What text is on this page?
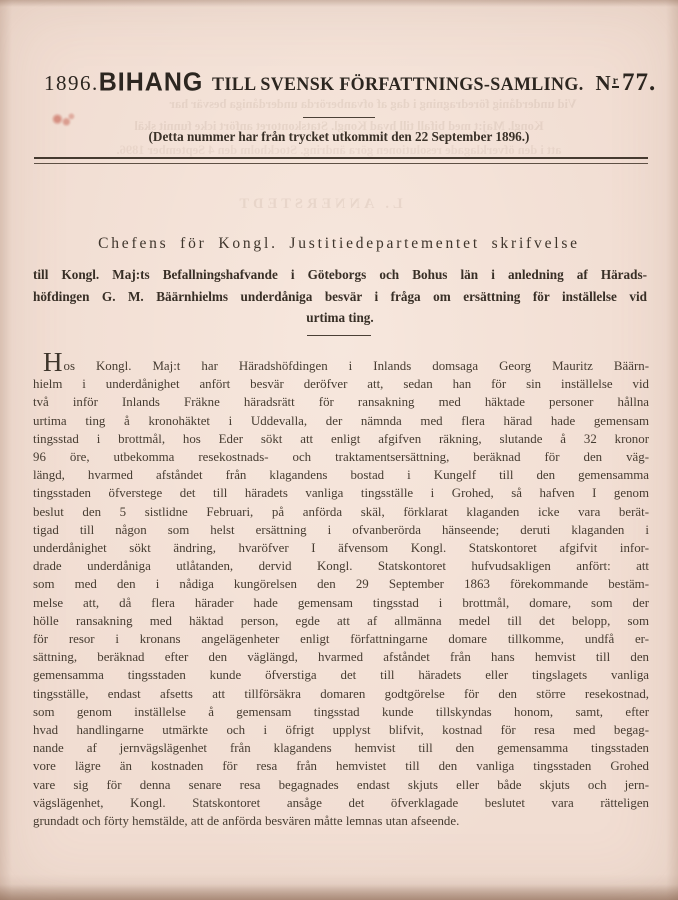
Vid underdånig föredragning i dag af ofvanberörda underdåniga besvär har
Kongl. Maj:t med bifall till hvad Kongl. Statskontoret anfört icke funnit skäl
att i den öfverklagade resolutionen göra ändring. Stockholm den 4 September 1896.
L. ANNERSTEDT
1896. BIHANG TILL SVENSK FÖRFATTNINGS-SAMLING. N r 77.
(Detta nummer har från trycket utkommit den 22 September 1896.)
Chefens för Kongl. Justitiedepartementet skrifvelse
till Kongl. Maj:ts Befallningshafvande i Göteborgs och Bohus län i anledning af Härads-
höfdingen G. M. Bäärnhielms underdåniga besvär i fråga om ersättning för inställelse vid
urtima ting.
Hos Kongl. Maj:t har Häradshöfdingen i Inlands domsaga Georg Mauritz Bäärn-
hielm i underdånighet anfört besvär deröfver att, sedan han för sin inställelse vid
två inför Inlands Fräkne häradsrätt för ransakning med häktade personer hållna
urtima ting å kronohäktet i Uddevalla, der nämnda med flera härad hade gemensam
tingsstad i brottmål, hos Eder sökt att enligt afgifven räkning, slutande å 32 kronor
96 öre, utbekomma resekostnads- och traktamentsersättning, beräknad för den väg-
längd, hvarmed afståndet från klagandens bostad i Kungelf till den gemensamma
tingsstaden öfverstege det till häradets vanliga tingsställe i Grohed, så hafven I genom
beslut den 5 sistlidne Februari, på anförda skäl, förklarat klaganden icke vara berät-
tigad till någon som helst ersättning i ofvanberörda hänseende; deruti klaganden i
underdånighet sökt ändring, hvaröfver I äfvensom Kongl. Statskontoret afgifvit infor-
drade underdåniga utlåtanden, dervid Kongl. Statskontoret hufvudsakligen anfört: att
som med den i nådiga kungörelsen den 29 September 1863 förekommande bestäm-
melse att, då flera härader hade gemensam tingsstad i brottmål, domare, som der
hölle ransakning med häktad person, egde att af allmänna medel till det belopp, som
för resor i kronans angelägenheter enligt författningarne domare tillkomme, undfå er-
sättning, beräknad efter den väglängd, hvarmed afståndet från hans hemvist till den
gemensamma tingsstaden kunde öfverstiga det till häradets eller tingslagets vanliga
tingsställe, endast afsetts att tillförsäkra domaren godtgörelse för den större resekostnad,
som genom inställelse å gemensam tingsstad kunde tillskyndas honom, samt, efter
hvad handlingarne utmärkte och i öfrigt upplyst blifvit, kostnad för resa med begag-
nande af jernvägslägenhet från klagandens hemvist till den gemensamma tingsstaden
vore lägre än kostnaden för resa från hemvistet till den vanliga tingsstaden Grohed
vare sig för denna senare resa begagnades endast skjuts eller både skjuts och jern-
vägslägenhet, Kongl. Statskontoret ansåge det öfverklagade beslutet vara rätteligen
grundadt och förty hemstälde, att de anförda besvären måtte lemnas utan afseende.
